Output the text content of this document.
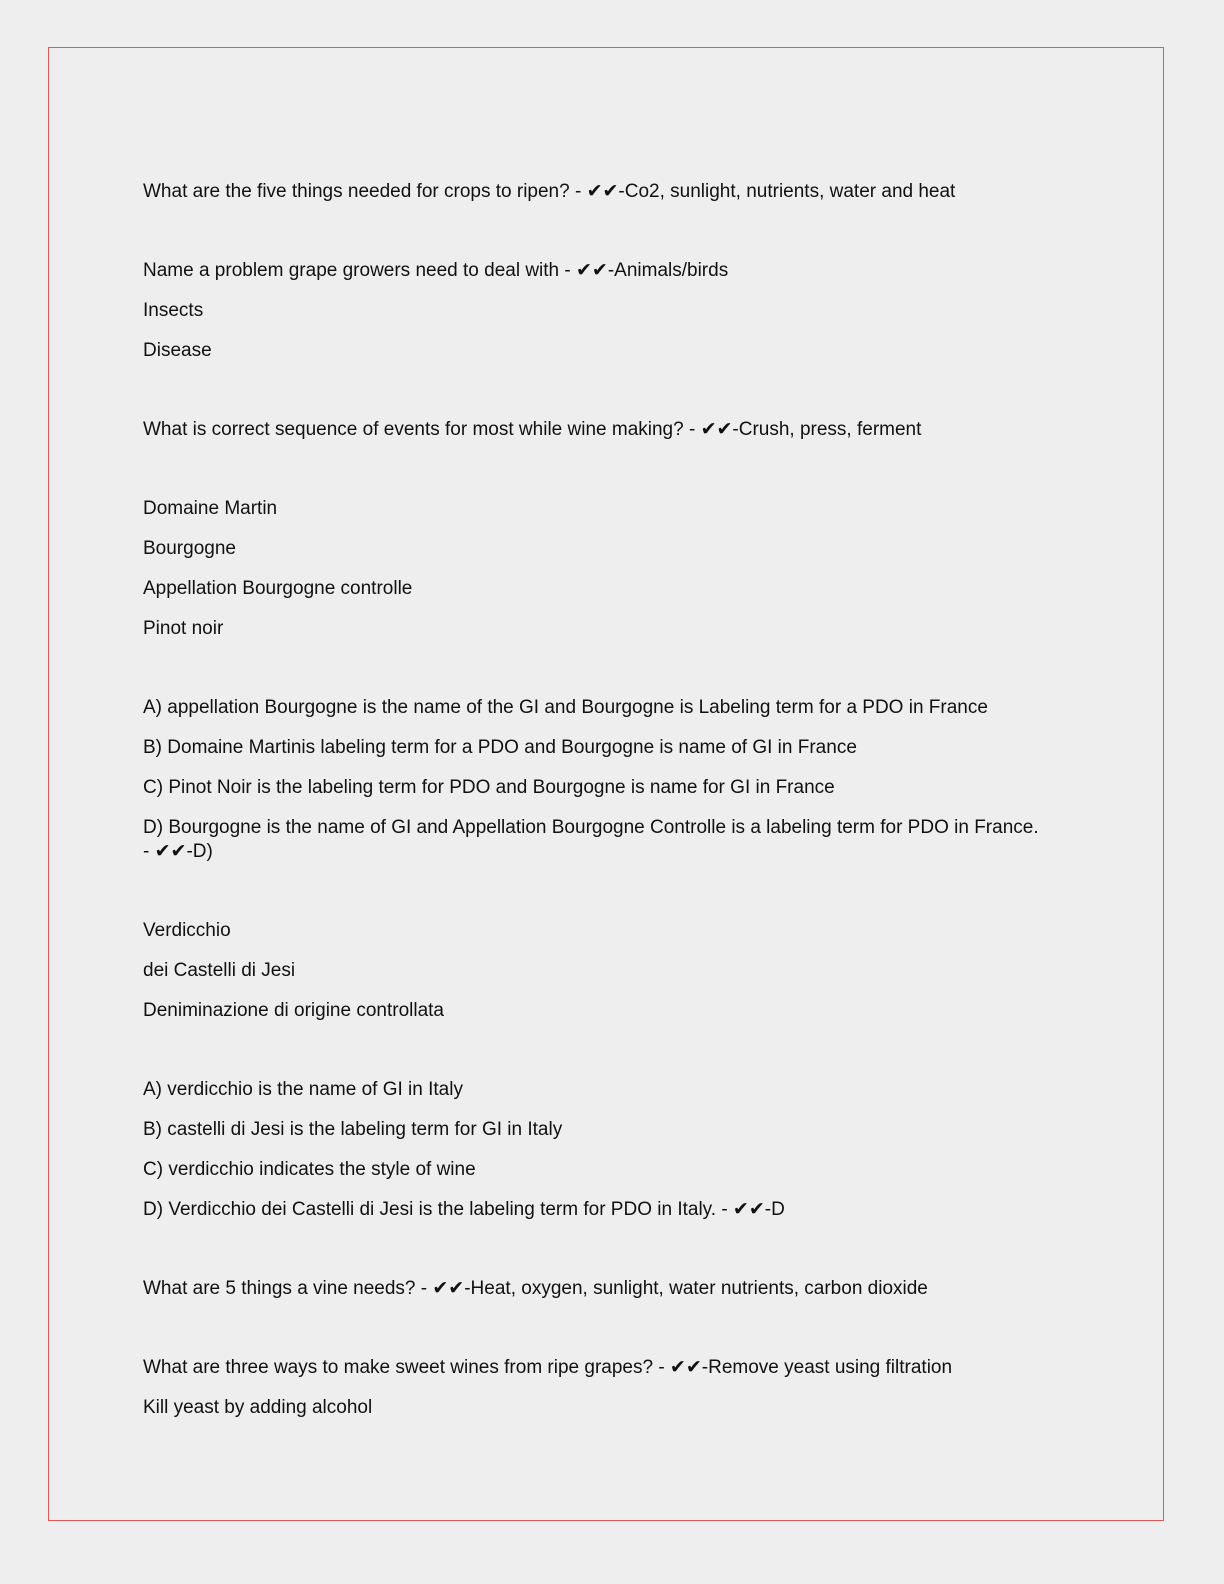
What are the five things needed for crops to ripen? - ✔✔-Co2, sunlight, nutrients, water and heat
Name a problem grape growers need to deal with - ✔✔-Animals/birds
Insects
Disease
What is correct sequence of events for most while wine making? - ✔✔-Crush, press, ferment
Domaine Martin
Bourgogne
Appellation Bourgogne controlle
Pinot noir
A) appellation Bourgogne is the name of the GI and Bourgogne is Labeling term for a PDO in France
B) Domaine Martinis labeling term for a PDO and Bourgogne is name of GI in France
C) Pinot Noir is the labeling term for PDO and Bourgogne is name for GI in France
D) Bourgogne is the name of GI and Appellation Bourgogne Controlle is a labeling term for PDO in France. - ✔✔-D)
Verdicchio
dei Castelli di Jesi
Deniminazione di origine controllata
A) verdicchio is the name of GI in Italy
B) castelli di Jesi is the labeling term for GI in Italy
C) verdicchio indicates the style of wine
D) Verdicchio dei Castelli di Jesi is the labeling term for PDO in Italy. - ✔✔-D
What are 5 things a vine needs? - ✔✔-Heat, oxygen, sunlight, water nutrients, carbon dioxide
What are three ways to make sweet wines from ripe grapes? - ✔✔-Remove yeast using filtration
Kill yeast by adding alcohol
